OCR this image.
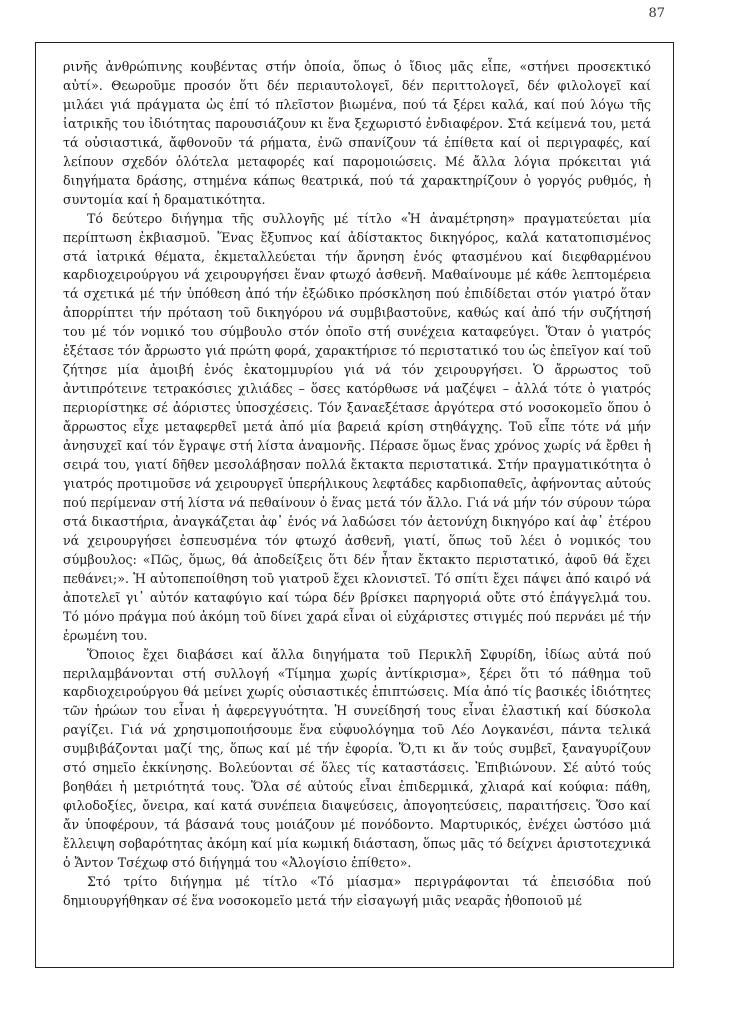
87

ρινῆς ἀνθρώπινης κουβέντας στήν ὁποία, ὅπως ὁ ἴδιος μᾶς εἶπε, «στήνει προσεκτικό αὐτί». Θεωροῦμε προσόν ὅτι δέν περιαυτολογεῖ, δέν περιττολογεῖ, δέν φιλολογεῖ καί μιλάει γιά πράγματα ὡς ἐπί τό πλεῖστον βιωμένα, πού τά ξέρει καλά, καί πού λόγω τῆς ἰατρικῆς του ἰδιότητας παρουσιάζουν κι ἕνα ξεχωριστό ἐνδιαφέρον. Στά κείμενά του, μετά τά οὐσιαστικά, ἄφθονοῦν τά ρήματα, ἐνῶ σπανίζουν τά ἐπίθετα καί οἱ περιγραφές, καί λείπουν σχεδόν ὁλότελα μεταφορές καί παρομοιώσεις. Μέ ἄλλα λόγια πρόκειται γιά διηγήματα δράσης, στημένα κάπως θεατρικά, πού τά χαρακτηρίζουν ὁ γοργός ρυθμός, ἡ συντομία καί ἡ δραματικότητα.

Τό δεύτερο διήγημα τῆς συλλογῆς μέ τίτλο «Ἡ ἀναμέτρηση» πραγματεύεται μία περίπτωση ἐκβιασμοῦ. Ἕνας ἔξυπνος καί ἀδίστακτος δικηγόρος, καλά κατατοπισμένος στά ἰατρικά θέματα, ἐκμεταλλεύεται τήν ἄρνηση ἑνός φτασμένου καί διεφθαρμένου καρδιοχειρούργου νά χειρουργήσει ἕναν φτωχό ἀσθενῆ. Μαθαίνουμε μέ κάθε λεπτομέρεια τά σχετικά μέ τήν ὑπόθεση ἀπό τήν ἐξώδικο πρόσκληση πού ἐπιδίδεται στόν γιατρό ὅταν ἀπορρίπτει τήν πρόταση τοῦ δικηγόρου νά συμβιβαστοῦνε, καθώς καί ἀπό τήν συζήτησή του μέ τόν νομικό του σύμβουλο στόν ὁποῖο στή συνέχεια καταφεύγει. Ὅταν ὁ γιατρός ἐξέτασε τόν ἄρρωστο γιά πρώτη φορά, χαρακτήρισε τό περιστατικό του ὡς ἐπεῖγον καί τοῦ ζήτησε μία ἀμοιβή ἑνός ἑκατομμυρίου γιά νά τόν χειρουργήσει. Ὁ ἄρρωστος τοῦ ἀντιπρότεινε τετρακόσιες χιλιάδες – ὅσες κατόρθωσε νά μαζέψει – ἀλλά τότε ὁ γιατρός περιορίστηκε σέ ἀόριστες ὑποσχέσεις. Τόν ξαναεξέτασε ἀργότερα στό νοσοκομεῖο ὅπου ὁ ἄρρωστος εἶχε μεταφερθεῖ μετά ἀπό μία βαρειά κρίση στηθάγχης. Τοῦ εἶπε τότε νά μήν ἀνησυχεῖ καί τόν ἔγραψε στή λίστα ἀναμονῆς. Πέρασε ὅμως ἕνας χρόνος χωρίς νά ἔρθει ἡ σειρά του, γιατί δῆθεν μεσολάβησαν πολλά ἔκτακτα περιστατικά. Στήν πραγματικότητα ὁ γιατρός προτιμοῦσε νά χειρουργεῖ ὑπερήλικους λεφτάδες καρδιοπαθεῖς, ἀφήνοντας αὐτούς πού περίμεναν στή λίστα νά πεθαίνουν ὁ ἕνας μετά τόν ἄλλο. Γιά νά μήν τόν σύρουν τώρα στά δικαστήρια, ἀναγκάζεται ἀφ᾽ ἑνός νά λαδώσει τόν ἀετονύχη δικηγόρο καί ἀφ᾽ ἑτέρου νά χειρουργήσει ἐσπευσμένα τόν φτωχό ἀσθενῆ, γιατί, ὅπως τοῦ λέει ὁ νομικός του σύμβουλος: «Πῶς, ὅμως, θά ἀποδείξεις ὅτι δέν ἦταν ἔκτακτο περιστατικό, ἀφοῦ θά ἔχει πεθάνει;». Ἡ αὐτοπεποίθηση τοῦ γιατροῦ ἔχει κλονιστεῖ. Τό σπίτι ἔχει πάψει ἀπό καιρό νά ἀποτελεῖ γι᾽ αὐτόν καταφύγιο καί τώρα δέν βρίσκει παρηγοριά οὔτε στό ἐπάγγελμά του. Τό μόνο πράγμα πού ἀκόμη τοῦ δίνει χαρά εἶναι οἱ εὐχάριστες στιγμές πού περνάει μέ τήν ἐρωμένη του.

Ὅποιος ἔχει διαβάσει καί ἄλλα διηγήματα τοῦ Περικλῆ Σφυρίδη, ἰδίως αὐτά πού περιλαμβάνονται στή συλλογή «Τίμημα χωρίς ἀντίκρισμα», ξέρει ὅτι τό πάθημα τοῦ καρδιοχειρούργου θά μείνει χωρίς οὐσιαστικές ἐπιπτώσεις. Μία ἀπό τίς βασικές ἰδιότητες τῶν ἡρώων του εἶναι ἡ ἀφερεγγυότητα. Ἡ συνείδησή τους εἶναι ἐλαστική καί δύσκολα ραγίζει. Γιά νά χρησιμοποιήσουμε ἕνα εὐφυολόγημα τοῦ Λέο Λογκανέσι, πάντα τελικά συμβιβάζονται μαζί της, ὅπως καί μέ τήν ἐφορία. Ὅ,τι κι ἄν τούς συμβεῖ, ξαναγυρίζουν στό σημεῖο ἐκκίνησης. Βολεύονται σέ ὅλες τίς καταστάσεις. Ἐπιβιώνουν. Σέ αὐτό τούς βοηθάει ἡ μετριότητά τους. Ὅλα σέ αὐτούς εἶναι ἐπιδερμικά, χλιαρά καί κούφια: πάθη, φιλοδοξίες, ὄνειρα, καί κατά συνέπεια διαψεύσεις, ἀπογοητεύσεις, παραιτήσεις. Ὅσο καί ἄν ὑποφέρουν, τά βάσανά τους μοιάζουν μέ πονόδοντο. Μαρτυρικός, ἐνέχει ὡστόσο μιά ἔλλειψη σοβαρότητας ἀκόμη καί μία κωμική διάσταση, ὅπως μᾶς τό δείχνει ἀριστοτεχνικά ὁ Ἄντον Τσέχωφ στό διήγημά του «Ἀλογίσιο ἐπίθετο».

Στό τρίτο διήγημα μέ τίτλο «Τό μίασμα» περιγράφονται τά ἐπεισόδια πού δημιουργήθηκαν σέ ἕνα νοσοκομεῖο μετά τήν εἰσαγωγή μιᾶς νεαρᾶς ἠθοποιοῦ μέ
